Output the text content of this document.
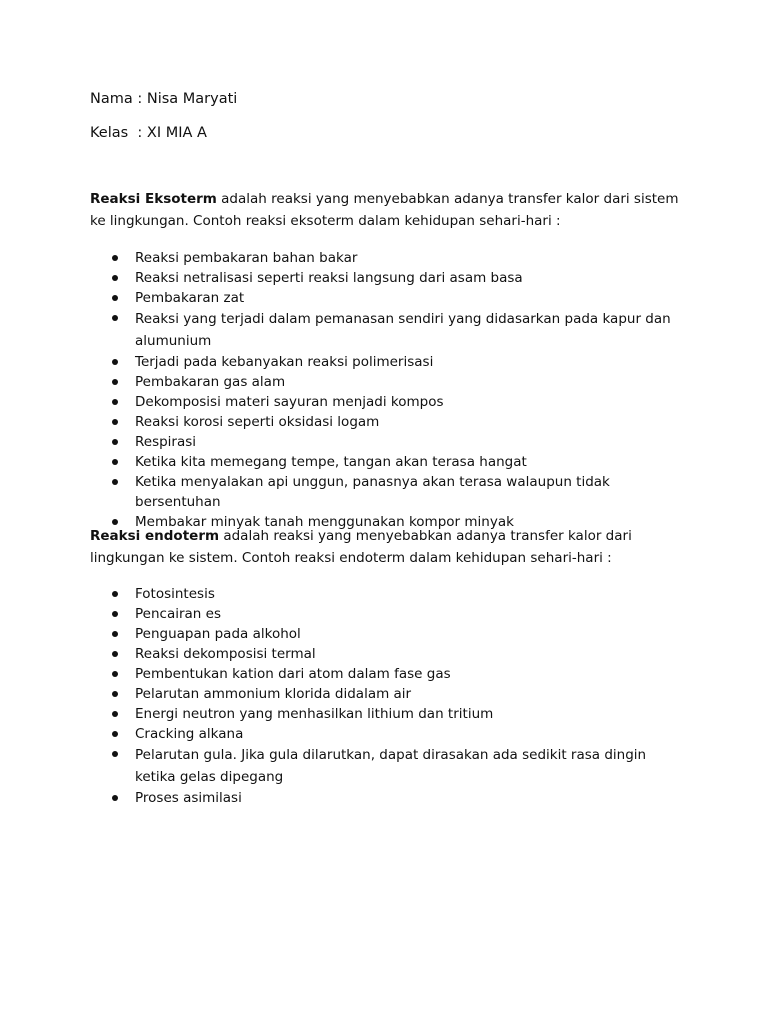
Nama : Nisa Maryati
Kelas  : XI MIA A

Reaksi Eksoterm adalah reaksi yang menyebabkan adanya transfer kalor dari sistem ke lingkungan. Contoh reaksi eksoterm dalam kehidupan sehari-hari :

Reaksi pembakaran bahan bakar
Reaksi netralisasi seperti reaksi langsung dari asam basa
Pembakaran zat
Reaksi yang terjadi dalam pemanasan sendiri yang didasarkan pada kapur dan alumunium
Terjadi pada kebanyakan reaksi polimerisasi
Pembakaran gas alam
Dekomposisi materi sayuran menjadi kompos
Reaksi korosi seperti oksidasi logam
Respirasi
Ketika kita memegang tempe, tangan akan terasa hangat
Ketika menyalakan api unggun, panasnya akan terasa walaupun tidak bersentuhan
Membakar minyak tanah menggunakan kompor minyak

Reaksi endoterm adalah reaksi yang menyebabkan adanya transfer kalor dari lingkungan ke sistem. Contoh reaksi endoterm dalam kehidupan sehari-hari :

Fotosintesis
Pencairan es
Penguapan pada alkohol
Reaksi dekomposisi termal
Pembentukan kation dari atom dalam fase gas
Pelarutan ammonium klorida didalam air
Energi neutron yang menhasilkan lithium dan tritium
Cracking alkana
Pelarutan gula. Jika gula dilarutkan, dapat dirasakan ada sedikit rasa dingin ketika gelas dipegang
Proses asimilasi
